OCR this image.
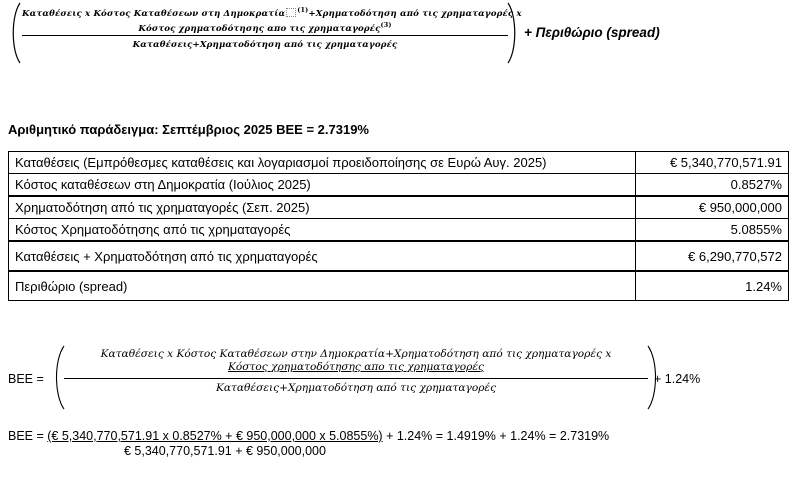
Καταθέσεις x Κόστος Καταθέσεων στη Δημοκρατία $^{(1)}$+Χρηματοδότηση από τις χρηματαγορές x
Κόστος χρηματοδότησης απο τις χρηματαγορές$^{(3)}$
Καταθέσεις+Χρηματοδότηση από τις χρηματαγορές
+ Περιθώριο (spread)
Αριθμητικό παράδειγμα: Σεπτέμβριος 2025 ΒΕΕ = 2.7319%
Καταθέσεις (Εμπρόθεσμες καταθέσεις και λογαριασμοί προειδοποίησης σε Ευρώ Αυγ. 2025)	€ 5,340,770,571.91
Κόστος καταθέσεων στη Δημοκρατία (Ιούλιος 2025)	0.8527%
Χρηματοδότηση από τις χρηματαγορές (Σεπ. 2025)	€ 950,000,000
Κόστος Χρηματοδότησης από τις χρηματαγορές	5.0855%
Καταθέσεις + Χρηματοδότηση από τις χρηματαγορές	€ 6,290,770,572
Περιθώριο (spread)	1.24%
ΒΕΕ =
Καταθέσεις x Κόστος Καταθέσεων στην Δημοκρατία+Χρηματοδότηση από τις χρηματαγορές x
Κόστος χρηματοδότησης απο τις χρηματαγορές
Καταθέσεις+Χρηματοδότηση από τις χρηματαγορές
+ 1.24%
ΒΕΕ = (€ 5,340,770,571.91 x 0.8527% + € 950,000,000 x 5.0855%) + 1.24% = 1.4919% + 1.24% = 2.7319%
€ 5,340,770,571.91 + € 950,000,000
